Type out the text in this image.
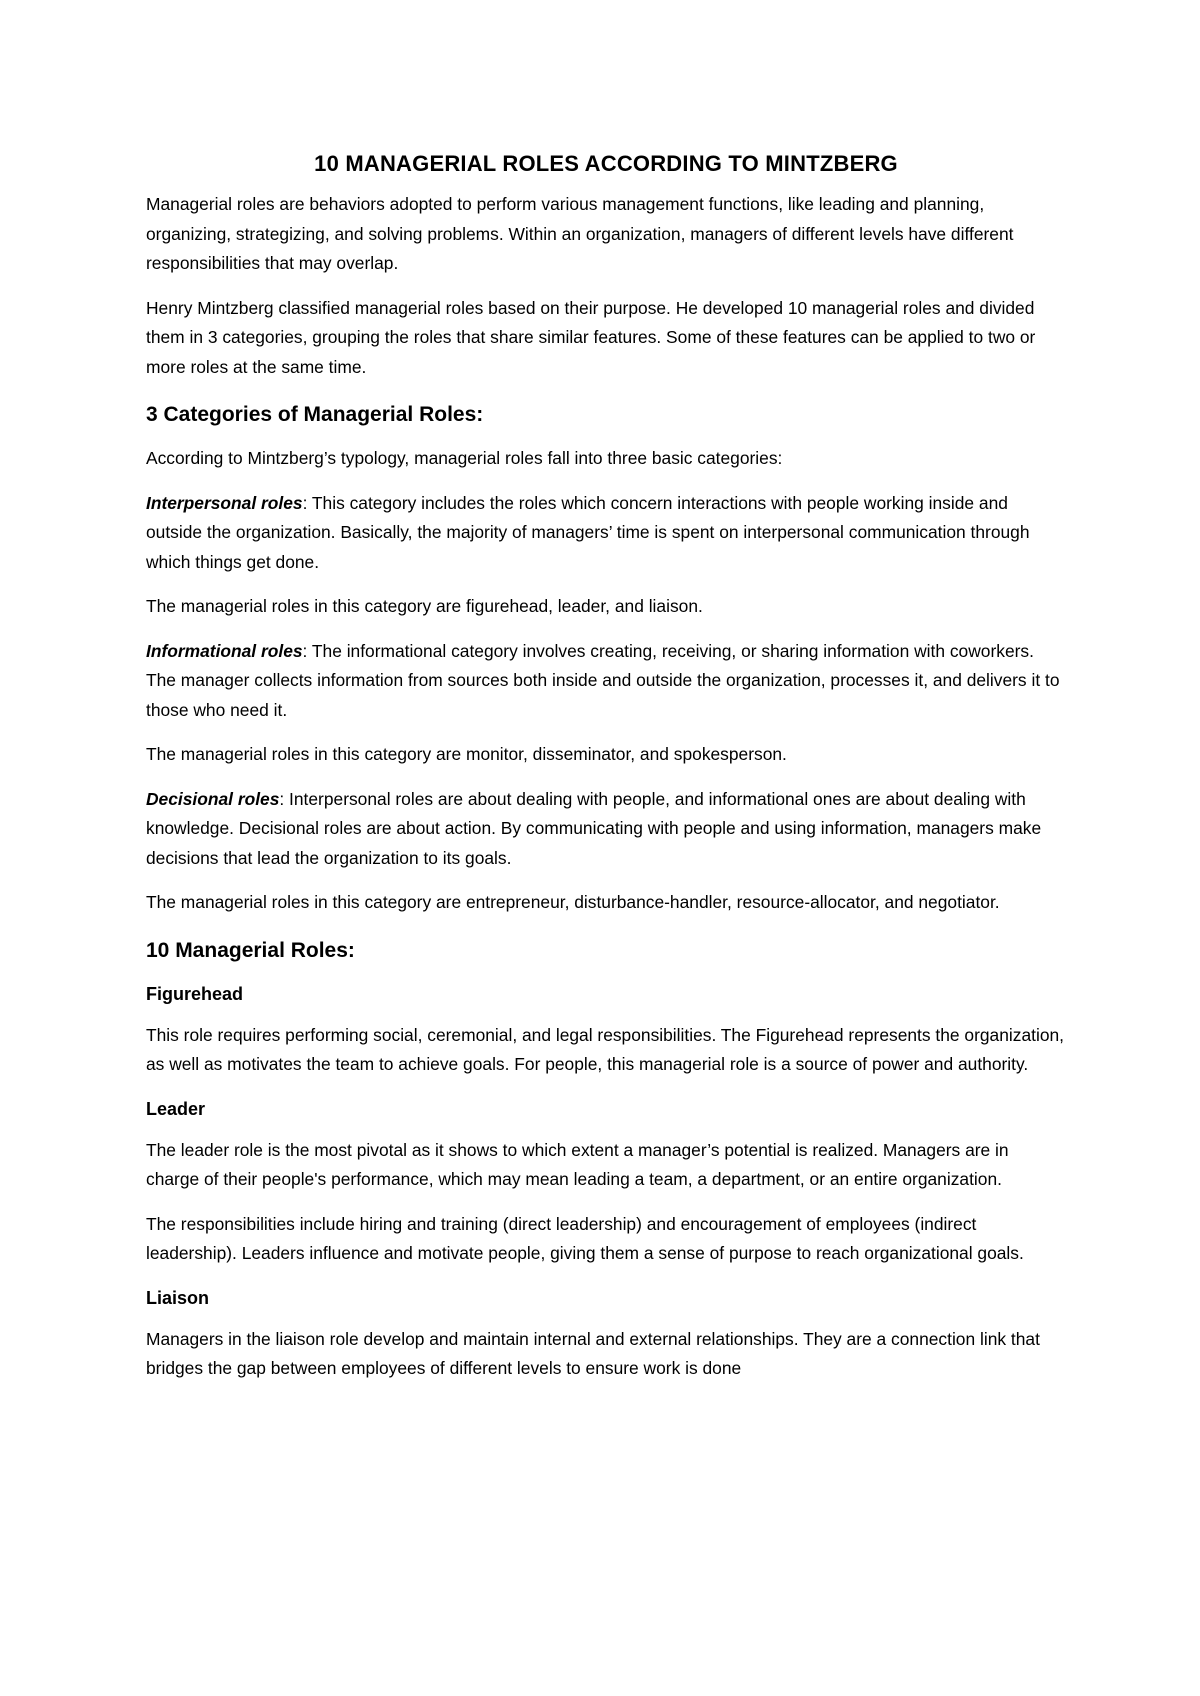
10 MANAGERIAL ROLES ACCORDING TO MINTZBERG

Managerial roles are behaviors adopted to perform various management functions, like leading and planning, organizing, strategizing, and solving problems. Within an organization, managers of different levels have different responsibilities that may overlap.

Henry Mintzberg classified managerial roles based on their purpose. He developed 10 managerial roles and divided them in 3 categories, grouping the roles that share similar features. Some of these features can be applied to two or more roles at the same time.

3 Categories of Managerial Roles:

According to Mintzberg’s typology, managerial roles fall into three basic categories:

Interpersonal roles: This category includes the roles which concern interactions with people working inside and outside the organization. Basically, the majority of managers’ time is spent on interpersonal communication through which things get done.

The managerial roles in this category are figurehead, leader, and liaison.

Informational roles: The informational category involves creating, receiving, or sharing information with coworkers. The manager collects information from sources both inside and outside the organization, processes it, and delivers it to those who need it.

The managerial roles in this category are monitor, disseminator, and spokesperson.

Decisional roles: Interpersonal roles are about dealing with people, and informational ones are about dealing with knowledge. Decisional roles are about action. By communicating with people and using information, managers make decisions that lead the organization to its goals.

The managerial roles in this category are entrepreneur, disturbance-handler, resource-allocator, and negotiator.

10 Managerial Roles:
Figurehead

This role requires performing social, ceremonial, and legal responsibilities. The Figurehead represents the organization, as well as motivates the team to achieve goals. For people, this managerial role is a source of power and authority.

Leader

The leader role is the most pivotal as it shows to which extent a manager’s potential is realized. Managers are in charge of their people's performance, which may mean leading a team, a department, or an entire organization.

The responsibilities include hiring and training (direct leadership) and encouragement of employees (indirect leadership). Leaders influence and motivate people, giving them a sense of purpose to reach organizational goals.

Liaison

Managers in the liaison role develop and maintain internal and external relationships. They are a connection link that bridges the gap between employees of different levels to ensure work is done
